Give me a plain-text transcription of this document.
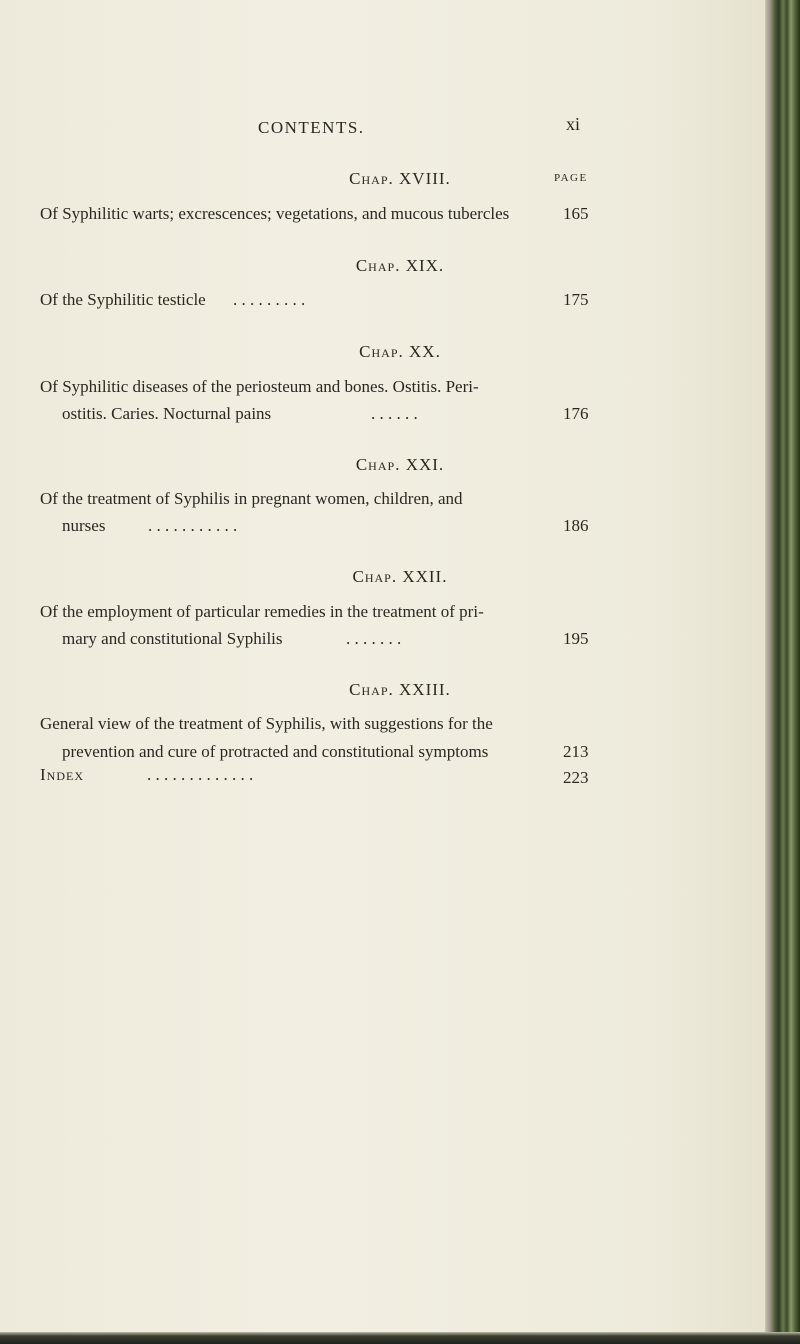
CONTENTS.	xi
PAGE
Chap. XVIII.
Of Syphilitic warts; excrescences; vegetations, and mucous tubercles	165
Chap. XIX.
Of the Syphilitic testicle . . . . . . . . .	175
Chap. XX.
Of Syphilitic diseases of the periosteum and bones. Ostitis. Peri-
ostitis. Caries. Nocturnal pains	. . . . . .	176
Chap. XXI.
Of the treatment of Syphilis in pregnant women, children, and
nurses	. . . . . . . . . . .	186
Chap. XXII.
Of the employment of particular remedies in the treatment of pri-
mary and constitutional Syphilis	. . . . . . .	195
Chap. XXIII.
General view of the treatment of Syphilis, with suggestions for the
prevention and cure of protracted and constitutional symptoms	213
Index	. . . . . . . . . . . . .	223
